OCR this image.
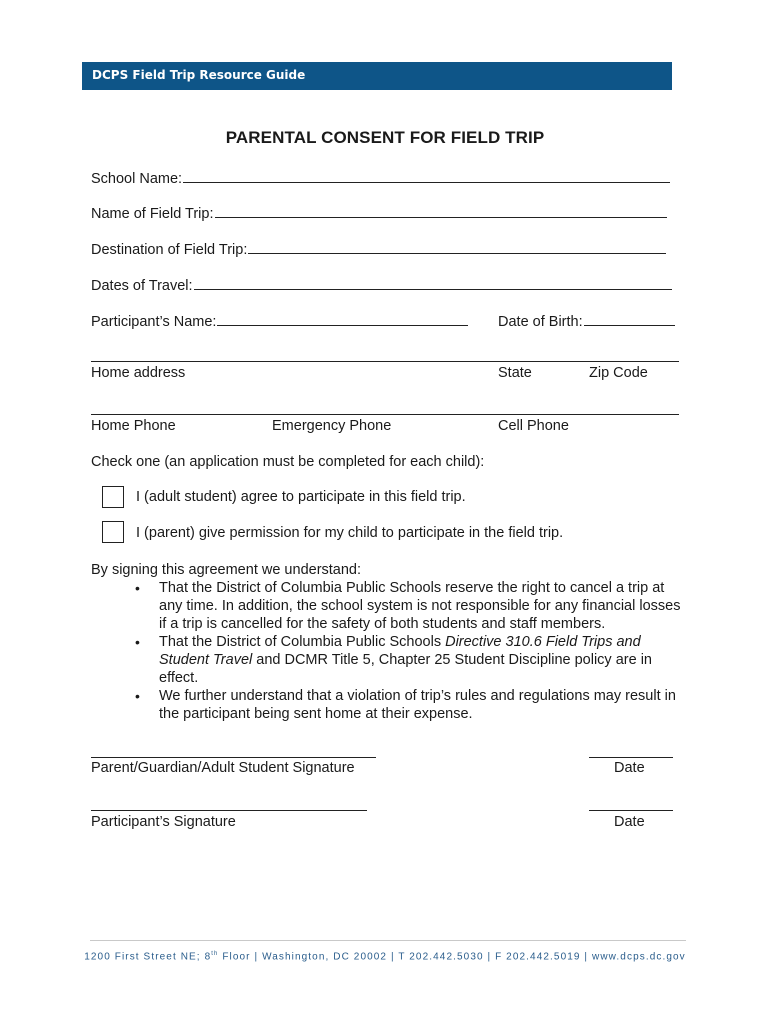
DCPS Field Trip Resource Guide
PARENTAL CONSENT FOR FIELD TRIP
School Name:
Name of Field Trip:
Destination of Field Trip:
Dates of Travel:
Participant’s Name:	Date of Birth:
Home address	State	Zip Code
Home Phone	Emergency Phone	Cell Phone
Check one (an application must be completed for each child):
I (adult student) agree to participate in this field trip.
I (parent) give permission for my child to participate in the field trip.
By signing this agreement we understand:
• That the District of Columbia Public Schools reserve the right to cancel a trip at any time. In addition, the school system is not responsible for any financial losses if a trip is cancelled for the safety of both students and staff members.
• That the District of Columbia Public Schools Directive 310.6 Field Trips and Student Travel and DCMR Title 5, Chapter 25 Student Discipline policy are in effect.
• We further understand that a violation of trip’s rules and regulations may result in the participant being sent home at their expense.
Parent/Guardian/Adult Student Signature	Date
Participant’s Signature	Date
1200 First Street NE; 8th Floor | Washington, DC 20002 | T 202.442.5030 | F 202.442.5019 | www.dcps.dc.gov
